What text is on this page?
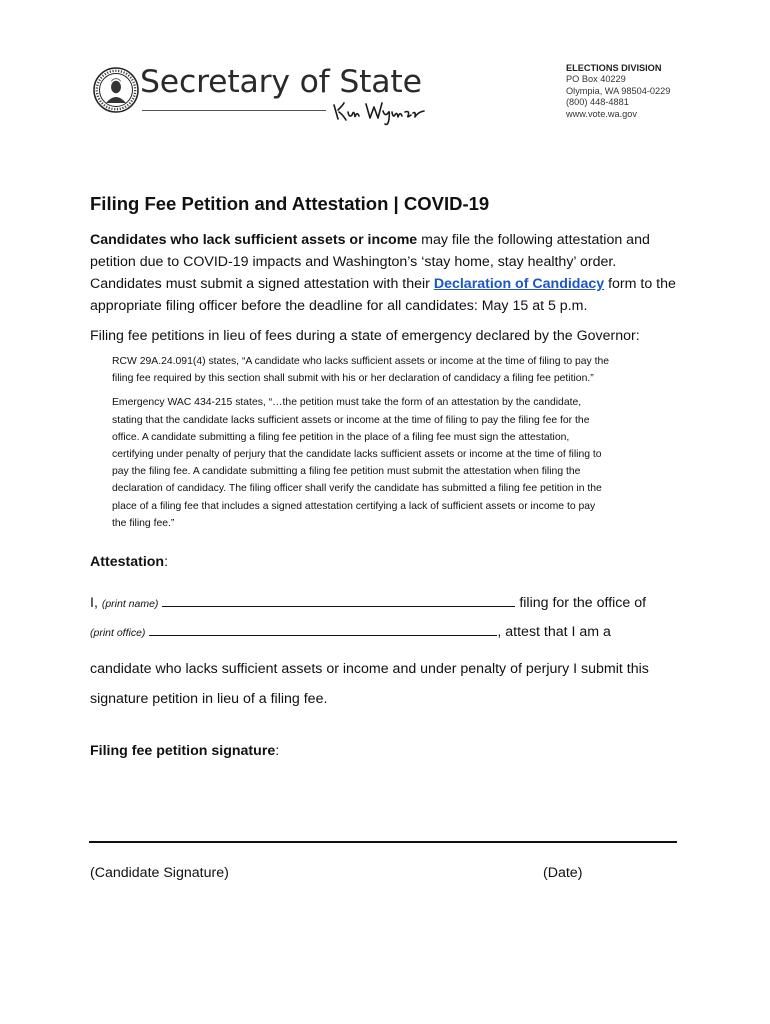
Secretary of State	ELECTIONS DIVISION
PO Box 40229
Olympia, WA 98504-0229
(800) 448-4881
www.vote.wa.gov
Filing Fee Petition and Attestation | COVID-19

Candidates who lack sufficient assets or income may file the following attestation and petition due to COVID-19 impacts and Washington’s ‘stay home, stay healthy’ order. Candidates must submit a signed attestation with their Declaration of Candidacy form to the appropriate filing officer before the deadline for all candidates: May 15 at 5 p.m.

Filing fee petitions in lieu of fees during a state of emergency declared by the Governor:

RCW 29A.24.091(4) states, “A candidate who lacks sufficient assets or income at the time of filing to pay the filing fee required by this section shall submit with his or her declaration of candidacy a filing fee petition.”

Emergency WAC 434-215 states, “…the petition must take the form of an attestation by the candidate, stating that the candidate lacks sufficient assets or income at the time of filing to pay the filing fee for the office. A candidate submitting a filing fee petition in the place of a filing fee must sign the attestation, certifying under penalty of perjury that the candidate lacks sufficient assets or income at the time of filing to pay the filing fee. A candidate submitting a filing fee petition must submit the attestation when filing the declaration of candidacy. The filing officer shall verify the candidate has submitted a filing fee petition in the place of a filing fee that includes a signed attestation certifying a lack of sufficient assets or income to pay the filing fee.”

Attestation:

I, (print name)	filing for the office of
(print office)	, attest that I am a

candidate who lacks sufficient assets or income and under penalty of perjury I submit this

signature petition in lieu of a filing fee.

Filing fee petition signature:

(Candidate Signature)	(Date)
